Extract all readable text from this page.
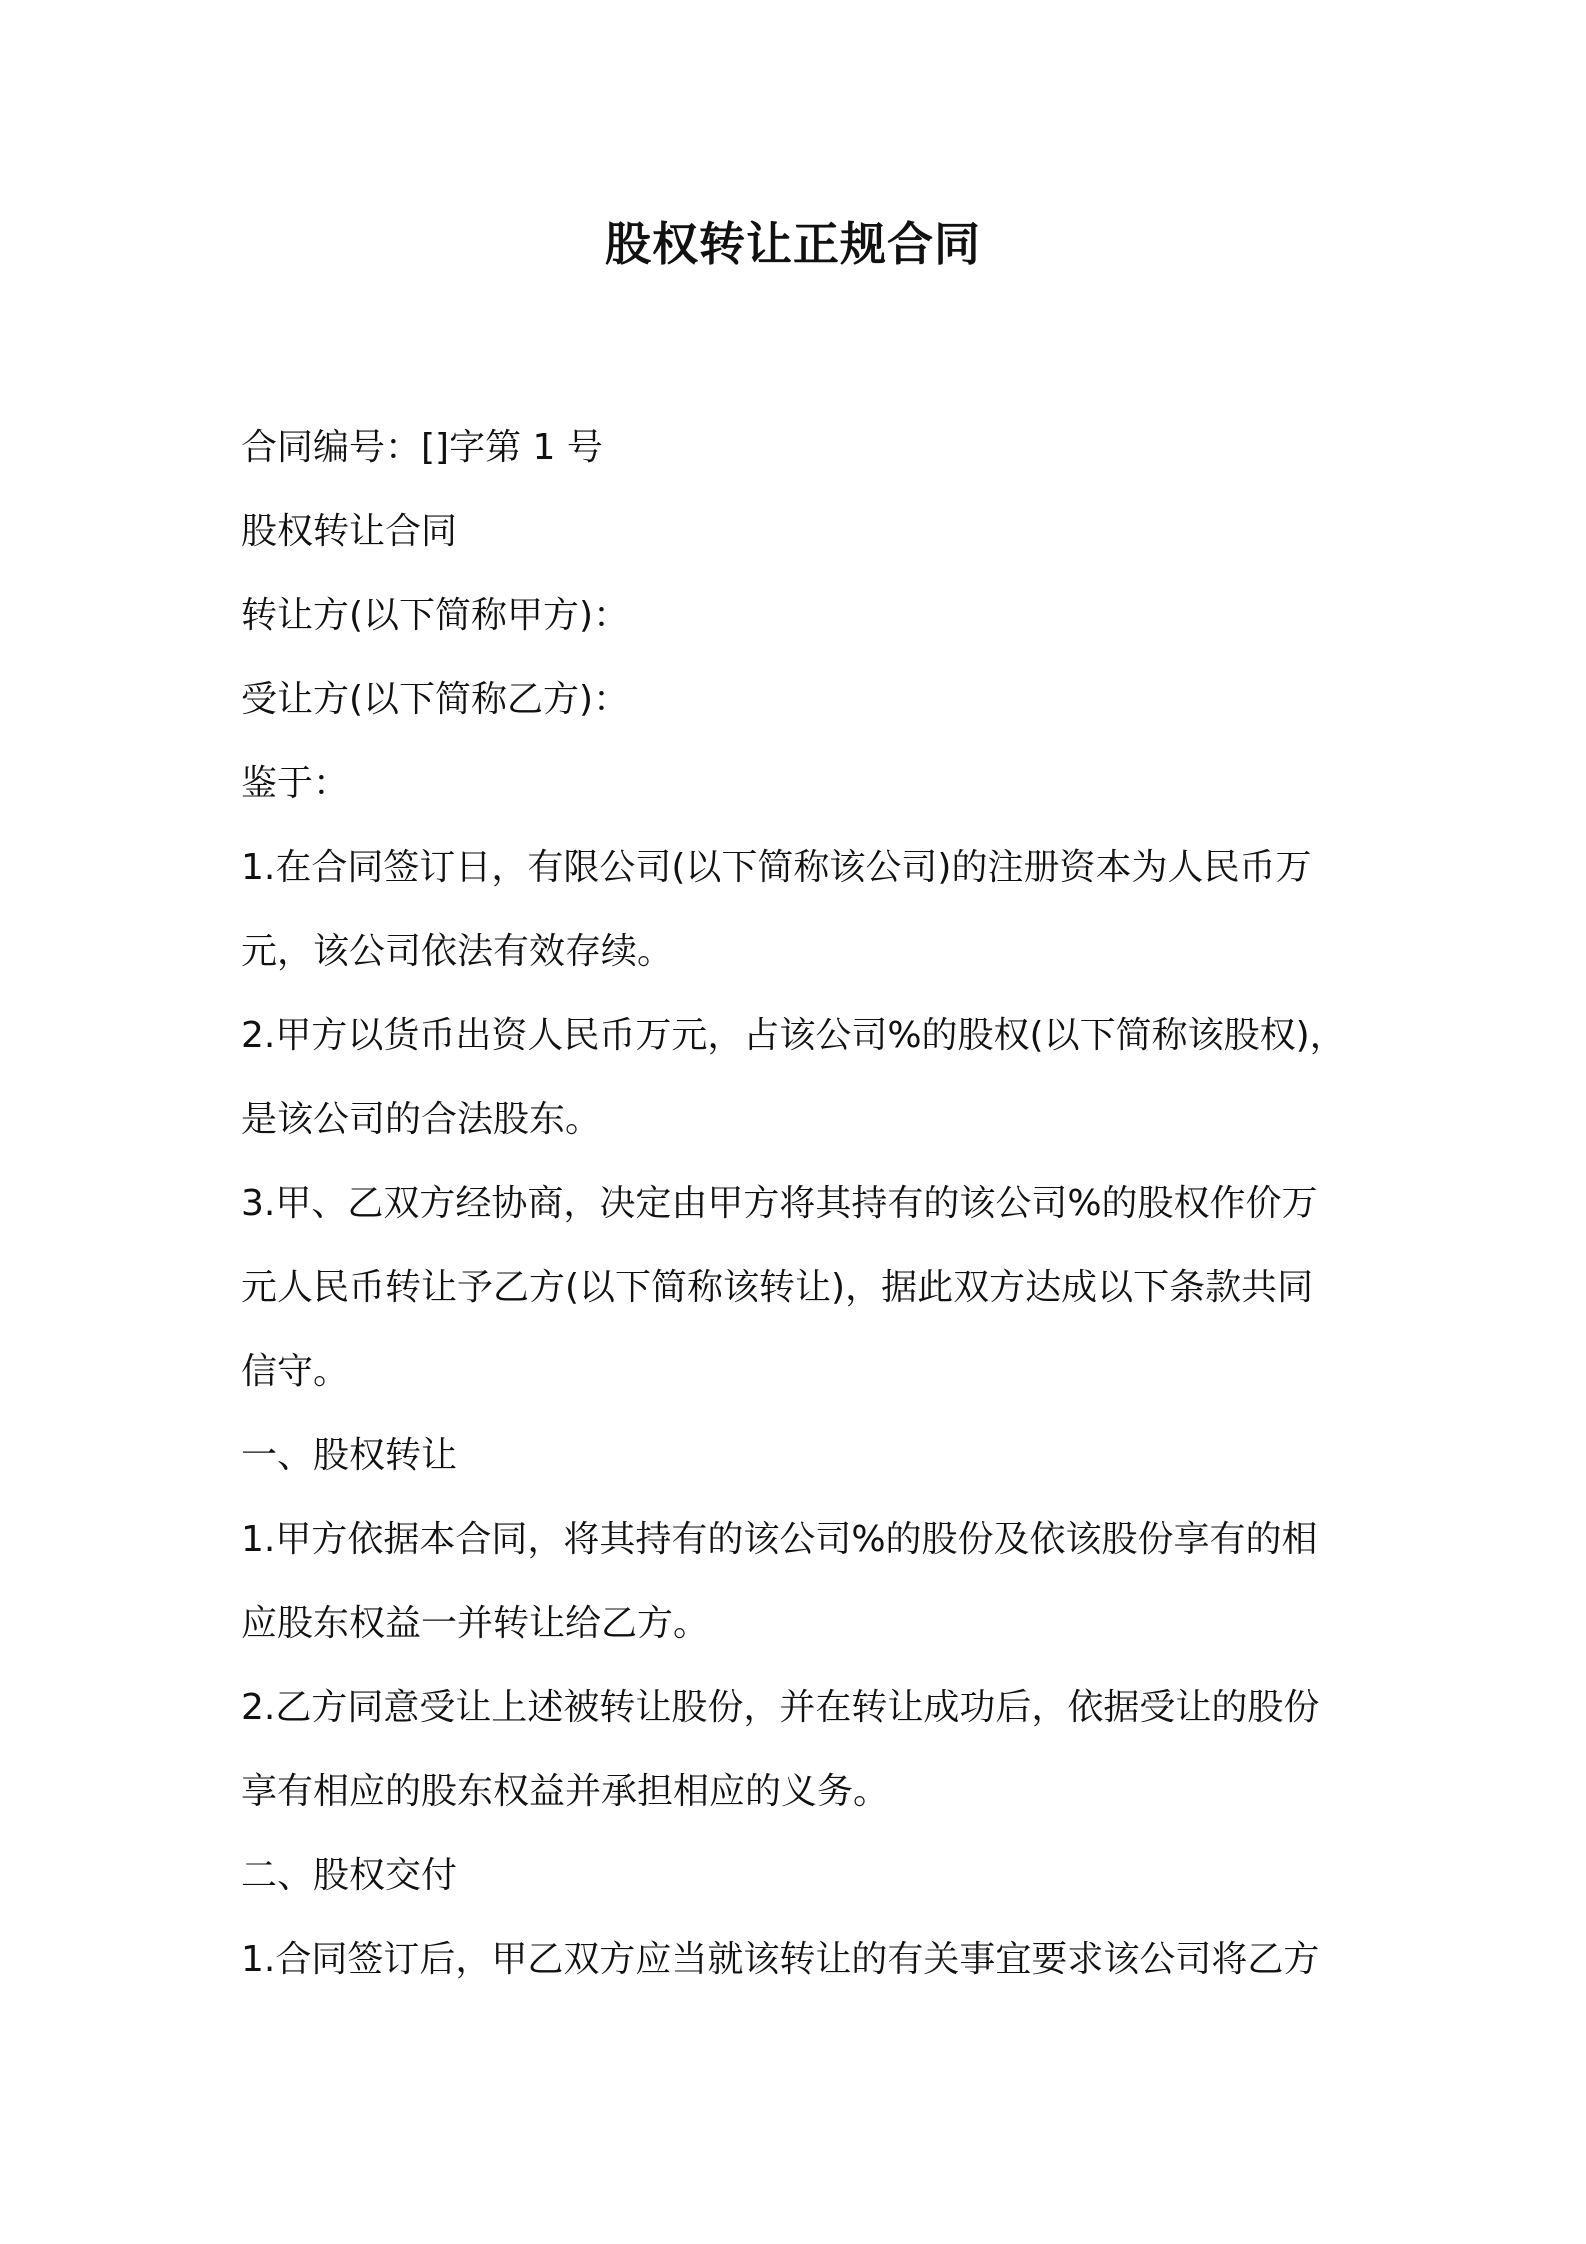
股权转让正规合同
合同编号：[]字第 1 号
股权转让合同
转让方(以下简称甲方)：
受让方(以下简称乙方)：
鉴于：
1.在合同签订日，有限公司(以下简称该公司)的注册资本为人民币万
元，该公司依法有效存续。
2.甲方以货币出资人民币万元，占该公司%的股权(以下简称该股权)，
是该公司的合法股东。
3.甲、乙双方经协商，决定由甲方将其持有的该公司%的股权作价万
元人民币转让予乙方(以下简称该转让)，据此双方达成以下条款共同
信守。
一、股权转让
1.甲方依据本合同，将其持有的该公司%的股份及依该股份享有的相
应股东权益一并转让给乙方。
2.乙方同意受让上述被转让股份，并在转让成功后，依据受让的股份
享有相应的股东权益并承担相应的义务。
二、股权交付
1.合同签订后，甲乙双方应当就该转让的有关事宜要求该公司将乙方
